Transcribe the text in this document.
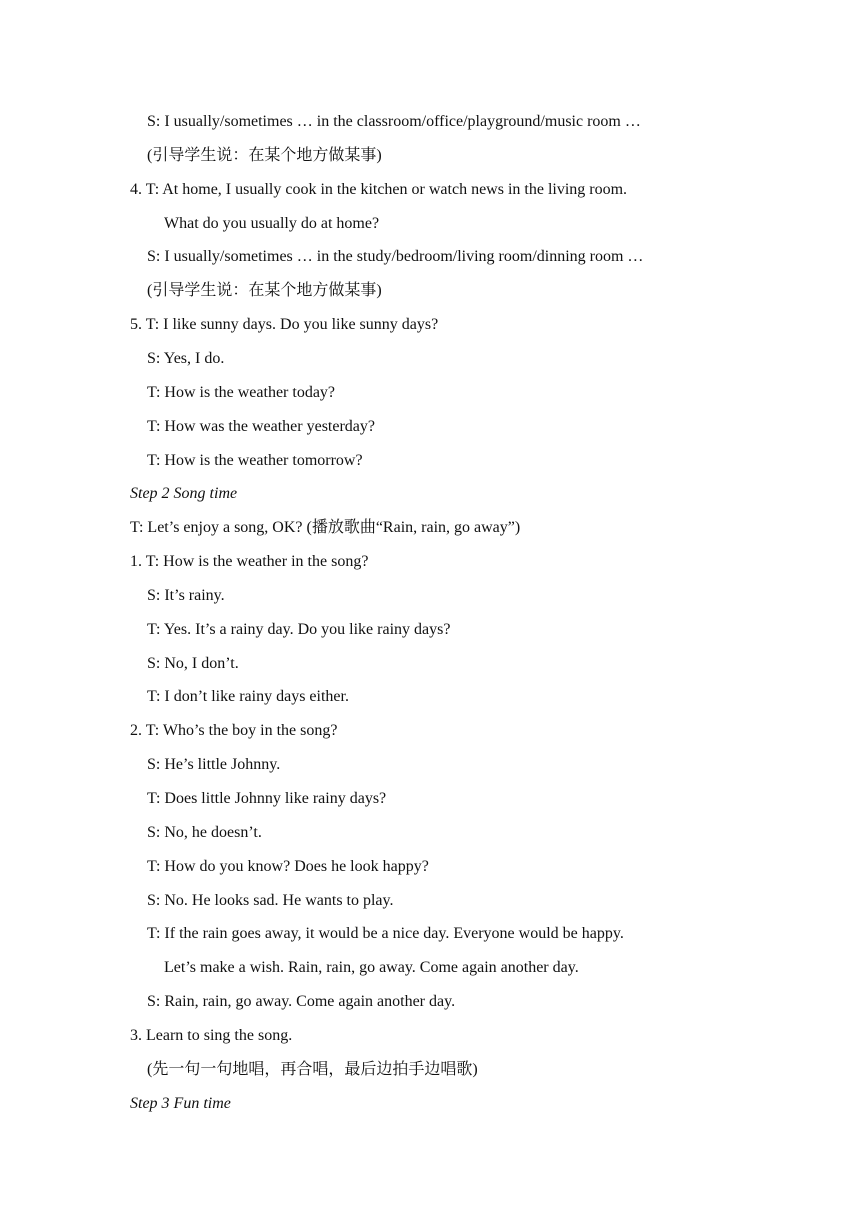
S: I usually/sometimes … in the classroom/office/playground/music room …
(引导学生说：在某个地方做某事)
4. T: At home, I usually cook in the kitchen or watch news in the living room.
What do you usually do at home?
S: I usually/sometimes … in the study/bedroom/living room/dinning room …
(引导学生说：在某个地方做某事)
5. T: I like sunny days. Do you like sunny days?
S: Yes, I do.
T: How is the weather today?
T: How was the weather yesterday?
T: How is the weather tomorrow?
Step 2 Song time
T: Let’s enjoy a song, OK? (播放歌曲“Rain, rain, go away”)
1. T: How is the weather in the song?
S: It’s rainy.
T: Yes. It’s a rainy day. Do you like rainy days?
S: No, I don’t.
T: I don’t like rainy days either.
2. T: Who’s the boy in the song?
S: He’s little Johnny.
T: Does little Johnny like rainy days?
S: No, he doesn’t.
T: How do you know? Does he look happy?
S: No. He looks sad. He wants to play.
T: If the rain goes away, it would be a nice day. Everyone would be happy.
Let’s make a wish. Rain, rain, go away. Come again another day.
S: Rain, rain, go away. Come again another day.
3. Learn to sing the song.
(先一句一句地唱，再合唱，最后边拍手边唱歌)
Step 3 Fun time
